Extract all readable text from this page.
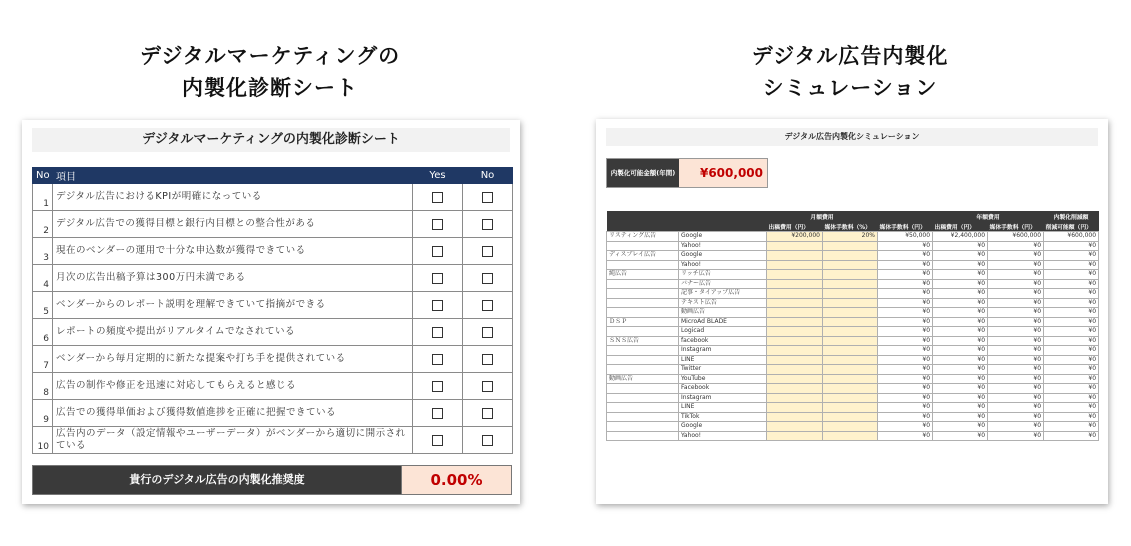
デジタルマーケティングの
内製化診断シート
デジタル広告内製化
シミュレーション
デジタルマーケティングの内製化診断シート
No	項目	Yes	No
1	デジタル広告におけるKPIが明確になっている		
2	デジタル広告での獲得目標と銀行内目標との整合性がある		
3	現在のベンダーの運用で十分な申込数が獲得できている		
4	月次の広告出稿予算は300万円未満である		
5	ベンダーからのレポート説明を理解できていて指摘ができる		
6	レポートの頻度や提出がリアルタイムでなされている		
7	ベンダーから毎月定期的に新たな提案や打ち手を提供されている		
8	広告の制作や修正を迅速に対応してもらえると感じる		
9	広告での獲得単価および獲得数値進捗を正確に把握できている		
10	広告内のデータ（設定情報やユーザーデータ）がベンダーから適切に開示されている		
貴行のデジタル広告の内製化推奨度	0.00%
デジタル広告内製化シミュレーション
内製化可能金額(年間)	¥600,000
		月額費用			年額費用		内製化削減額
		出稿費用（円）	媒体手数料（%）	媒体手数料（円）	出稿費用（円）	媒体手数料（円）	削減可能額（円）
リスティング広告	Google	¥200,000	20%	¥50,000	¥2,400,000	¥600,000	¥600,000
	Yahoo!			¥0	¥0	¥0	¥0
ディスプレイ広告	Google			¥0	¥0	¥0	¥0
	Yahoo!			¥0	¥0	¥0	¥0
純広告	リッチ広告			¥0	¥0	¥0	¥0
	バナー広告			¥0	¥0	¥0	¥0
	記事・タイアップ広告			¥0	¥0	¥0	¥0
	テキスト広告			¥0	¥0	¥0	¥0
	動画広告			¥0	¥0	¥0	¥0
ＤＳＰ	MicroAd BLADE			¥0	¥0	¥0	¥0
	Logicad			¥0	¥0	¥0	¥0
ＳＮＳ広告	facebook			¥0	¥0	¥0	¥0
	Instagram			¥0	¥0	¥0	¥0
	LINE			¥0	¥0	¥0	¥0
	Twitter			¥0	¥0	¥0	¥0
動画広告	YouTube			¥0	¥0	¥0	¥0
	Facebook			¥0	¥0	¥0	¥0
	Instagram			¥0	¥0	¥0	¥0
	LINE			¥0	¥0	¥0	¥0
	TikTok			¥0	¥0	¥0	¥0
	Google			¥0	¥0	¥0	¥0
	Yahoo!			¥0	¥0	¥0	¥0
